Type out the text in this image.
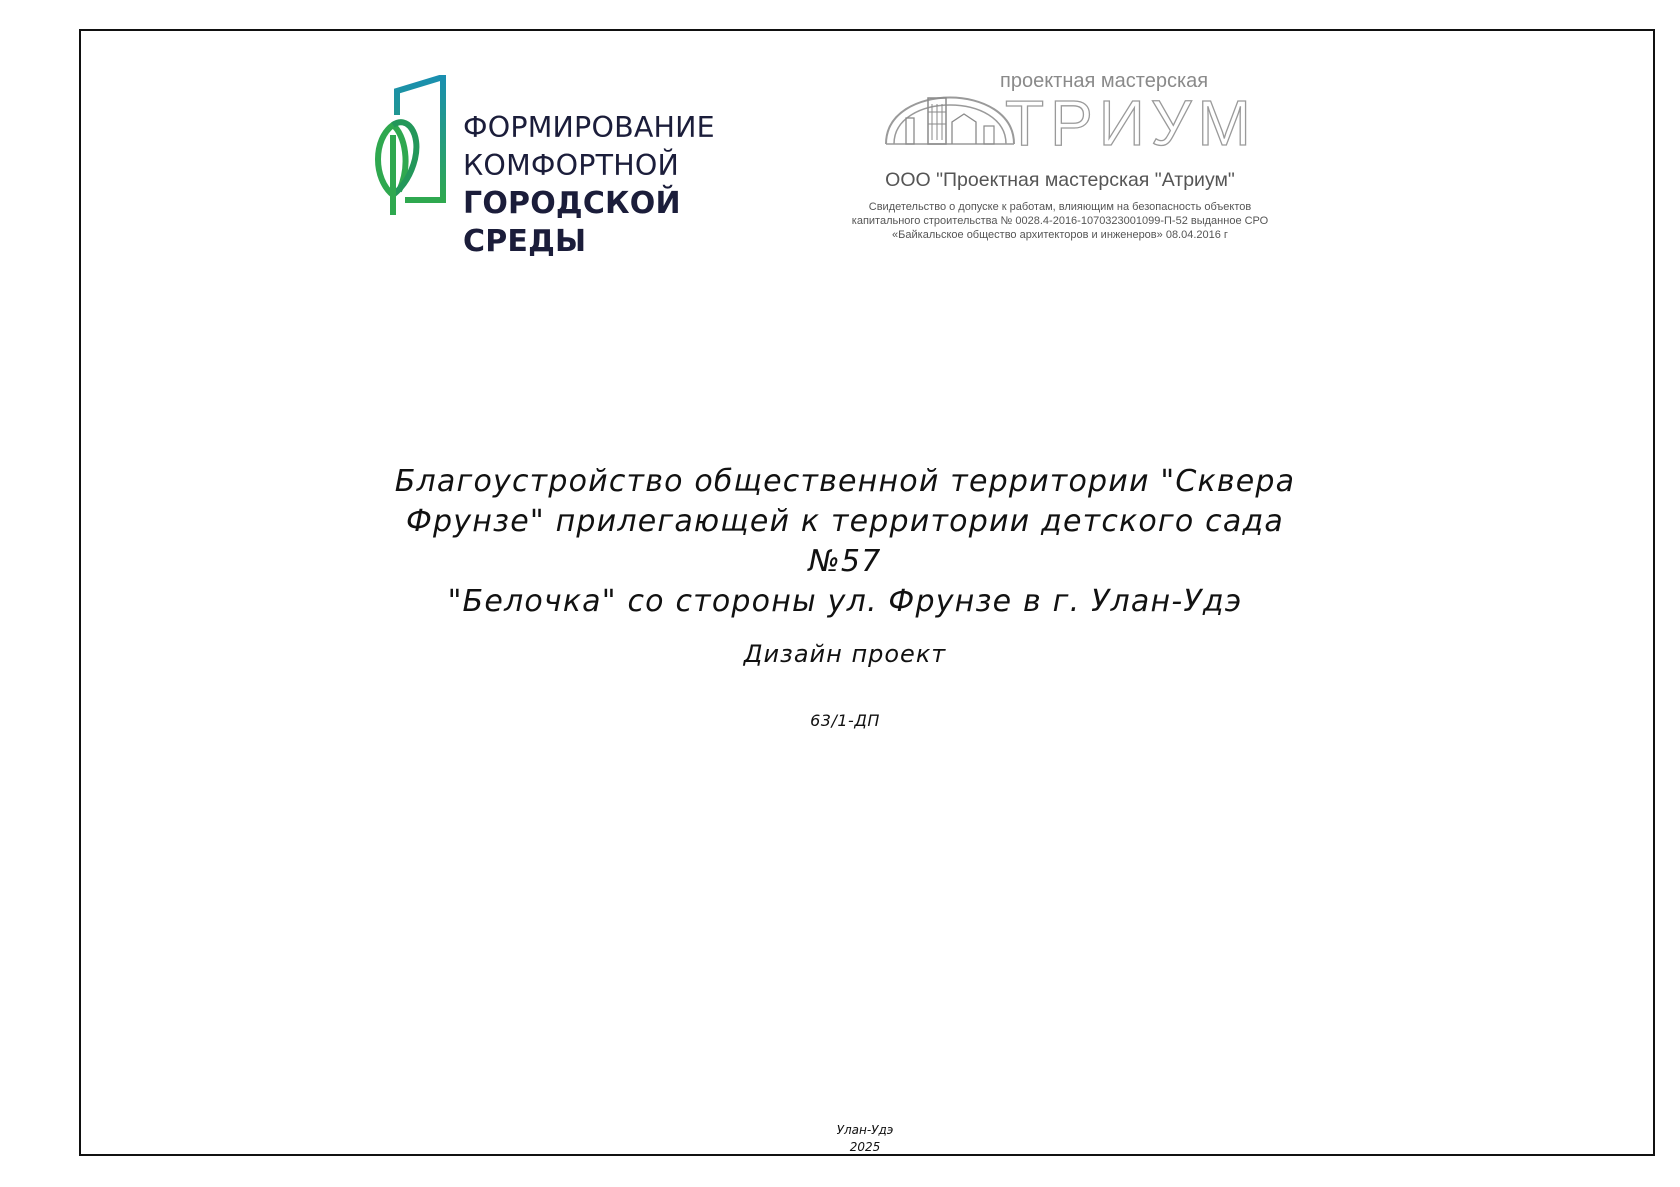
ФОРМИРОВАНИЕ
КОМФОРТНОЙ
ГОРОДСКОЙ СРЕДЫ
проектная мастерская
ТРИУМ
ООО "Проектная мастерская "Атриум"
Свидетельство о допуске к работам, влияющим на безопасность объектов
капитального строительства № 0028.4-2016-1070323001099-П-52 выданное СРО
«Байкальское общество архитекторов и инженеров» 08.04.2016 г
Благоустройство общественной территории "Сквера
Фрунзе" прилегающей к территории детского сада №57
"Белочка" со стороны ул. Фрунзе в г. Улан-Удэ
Дизайн проект
63/1-ДП
Улан-Удэ
2025
